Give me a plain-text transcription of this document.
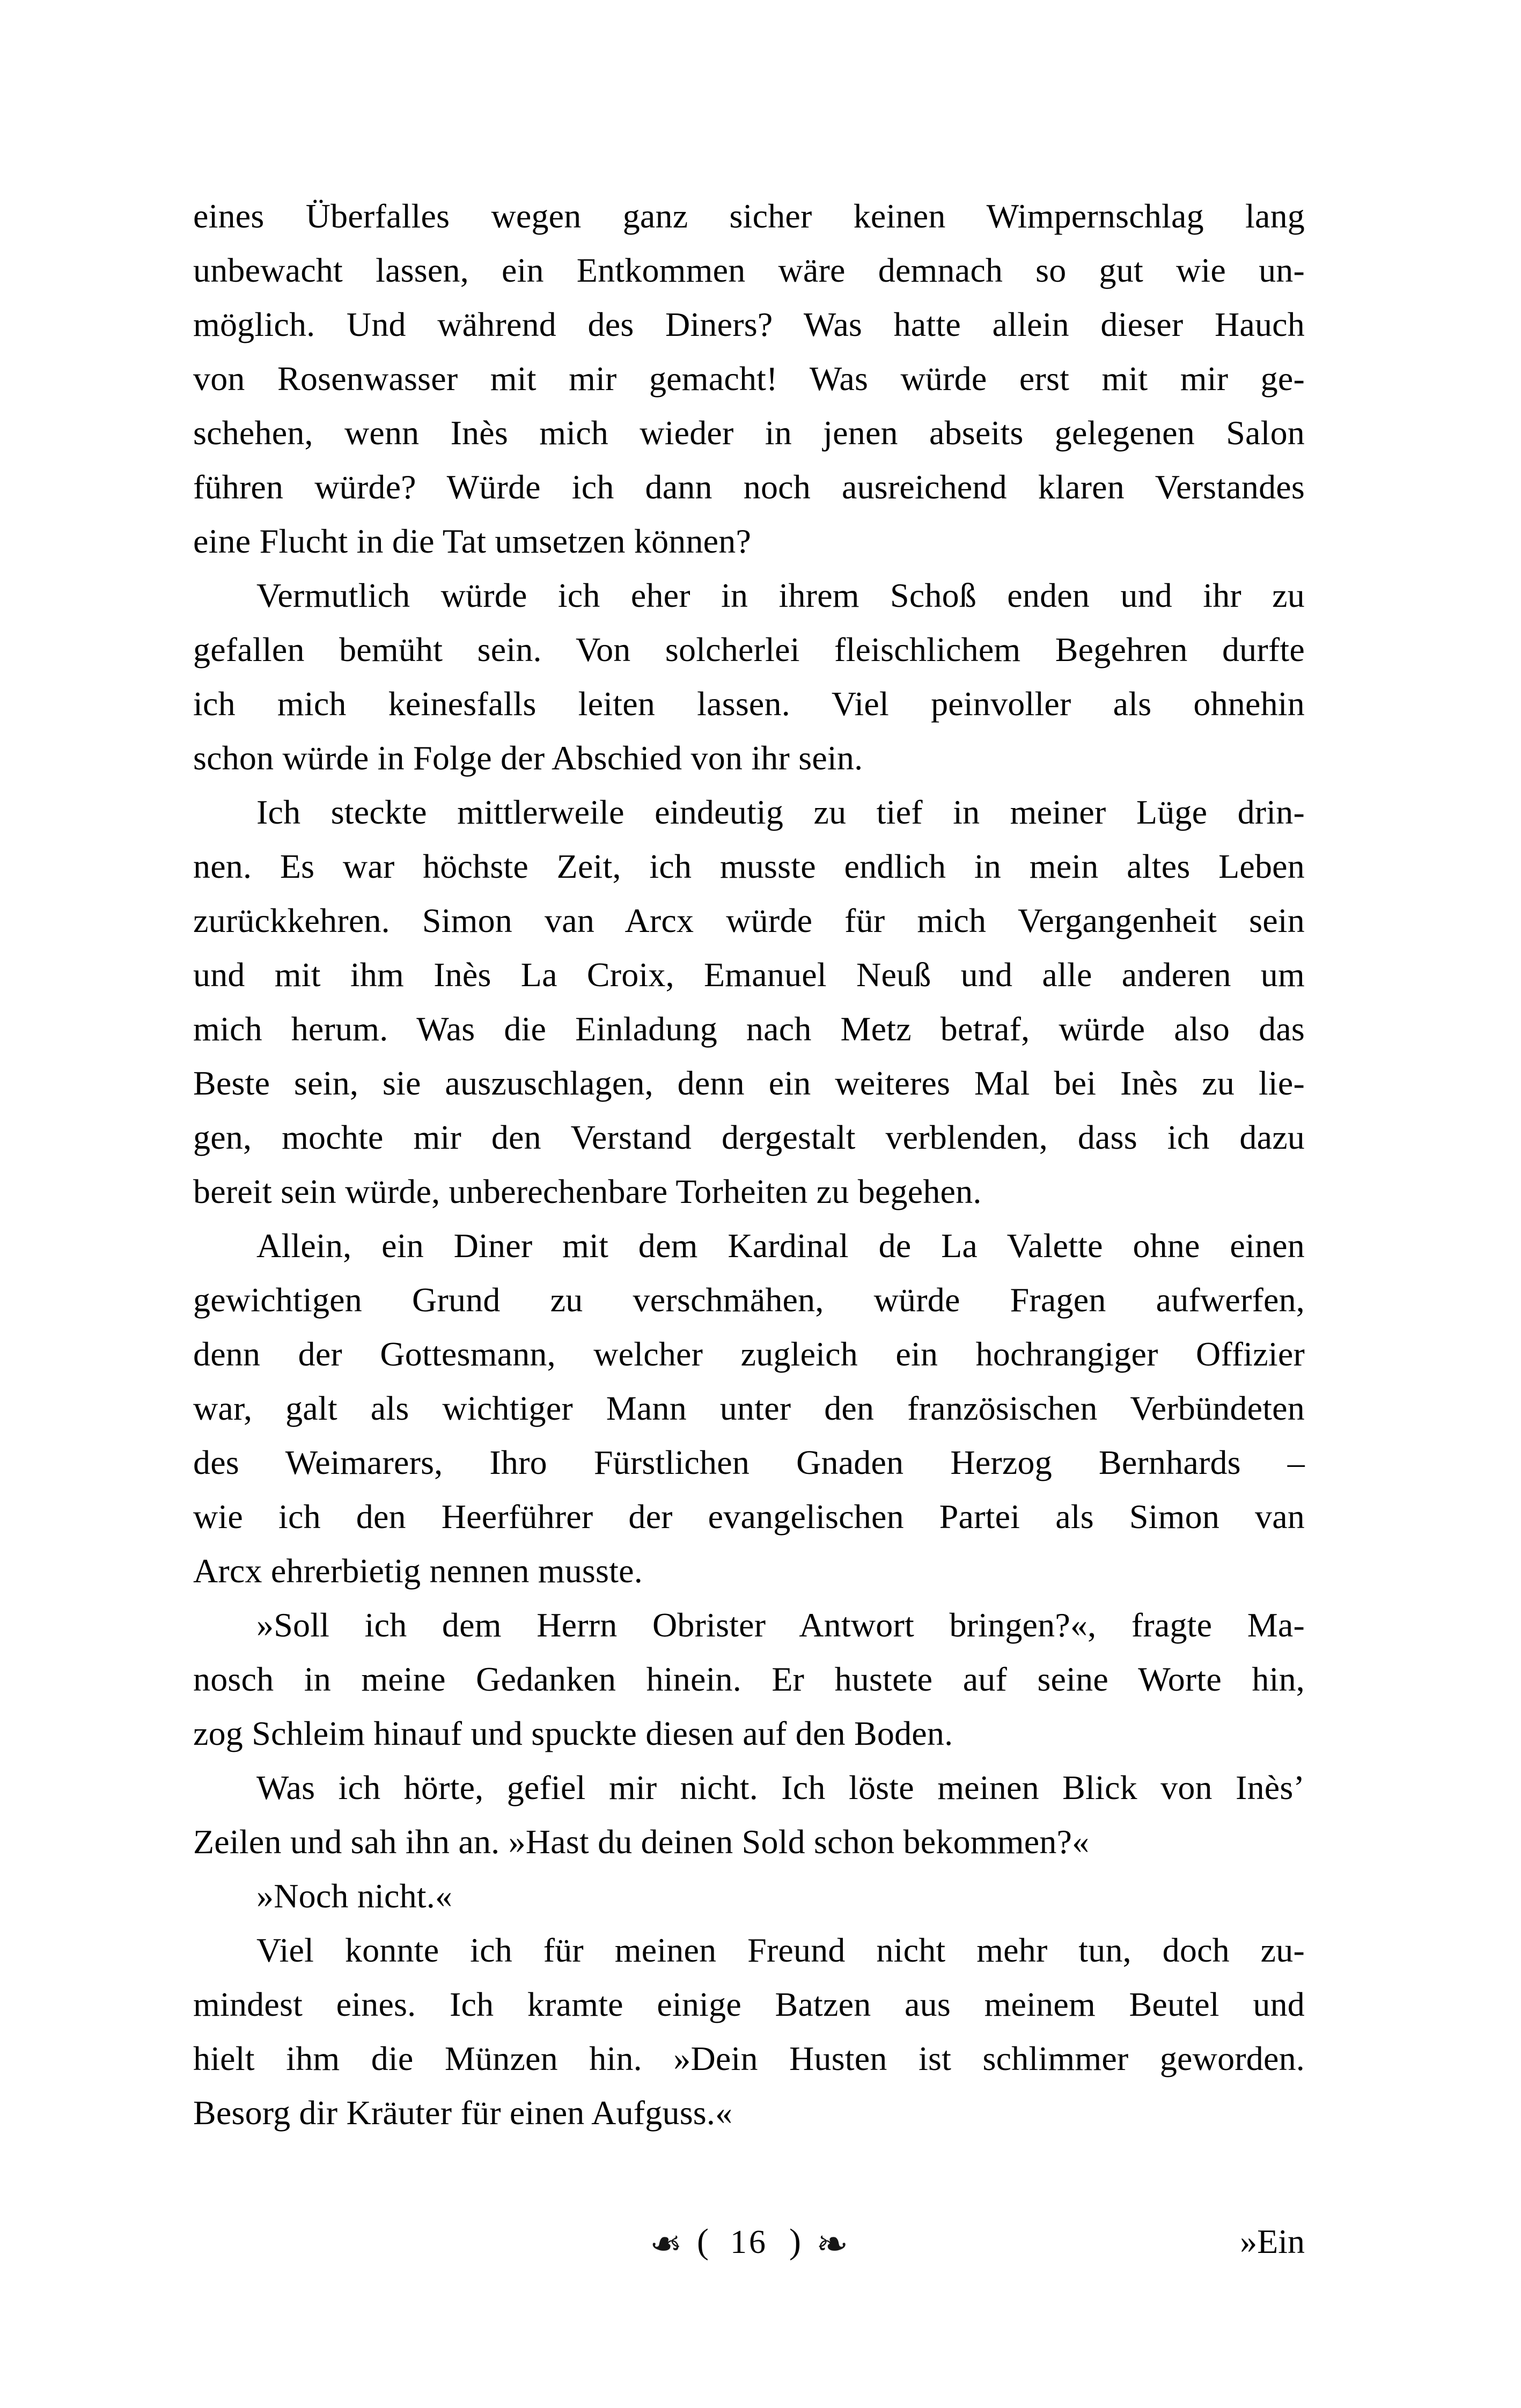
eines Überfalles wegen ganz sicher keinen Wimpernschlag lang
unbewacht lassen, ein Entkommen wäre demnach so gut wie un-
möglich. Und während des Diners? Was hatte allein dieser Hauch
von Rosenwasser mit mir gemacht! Was würde erst mit mir ge-
schehen, wenn Inès mich wieder in jenen abseits gelegenen Salon
führen würde? Würde ich dann noch ausreichend klaren Verstandes
eine Flucht in die Tat umsetzen können?
Vermutlich würde ich eher in ihrem Schoß enden und ihr zu
gefallen bemüht sein. Von solcherlei fleischlichem Begehren durfte
ich mich keinesfalls leiten lassen. Viel peinvoller als ohnehin
schon würde in Folge der Abschied von ihr sein.
Ich steckte mittlerweile eindeutig zu tief in meiner Lüge drin-
nen. Es war höchste Zeit, ich musste endlich in mein altes Leben
zurückkehren. Simon van Arcx würde für mich Vergangenheit sein
und mit ihm Inès La Croix, Emanuel Neuß und alle anderen um
mich herum. Was die Einladung nach Metz betraf, würde also das
Beste sein, sie auszuschlagen, denn ein weiteres Mal bei Inès zu lie-
gen, mochte mir den Verstand dergestalt verblenden, dass ich dazu
bereit sein würde, unberechenbare Torheiten zu begehen.
Allein, ein Diner mit dem Kardinal de La Valette ohne einen
gewichtigen Grund zu verschmähen, würde Fragen aufwerfen,
denn der Gottesmann, welcher zugleich ein hochrangiger Offizier
war, galt als wichtiger Mann unter den französischen Verbündeten
des Weimarers, Ihro Fürstlichen Gnaden Herzog Bernhards –
wie ich den Heerführer der evangelischen Partei als Simon van
Arcx ehrerbietig nennen musste.
»Soll ich dem Herrn Obrister Antwort bringen?«, fragte Ma-
nosch in meine Gedanken hinein. Er hustete auf seine Worte hin,
zog Schleim hinauf und spuckte diesen auf den Boden.
Was ich hörte, gefiel mir nicht. Ich löste meinen Blick von Inès’
Zeilen und sah ihn an. »Hast du deinen Sold schon bekommen?«
»Noch nicht.«
Viel konnte ich für meinen Freund nicht mehr tun, doch zu-
mindest eines. Ich kramte einige Batzen aus meinem Beutel und
hielt ihm die Münzen hin. »Dein Husten ist schlimmer geworden.
Besorg dir Kräuter für einen Aufguss.«
❧ ( 16 ) ❧	»Ein
